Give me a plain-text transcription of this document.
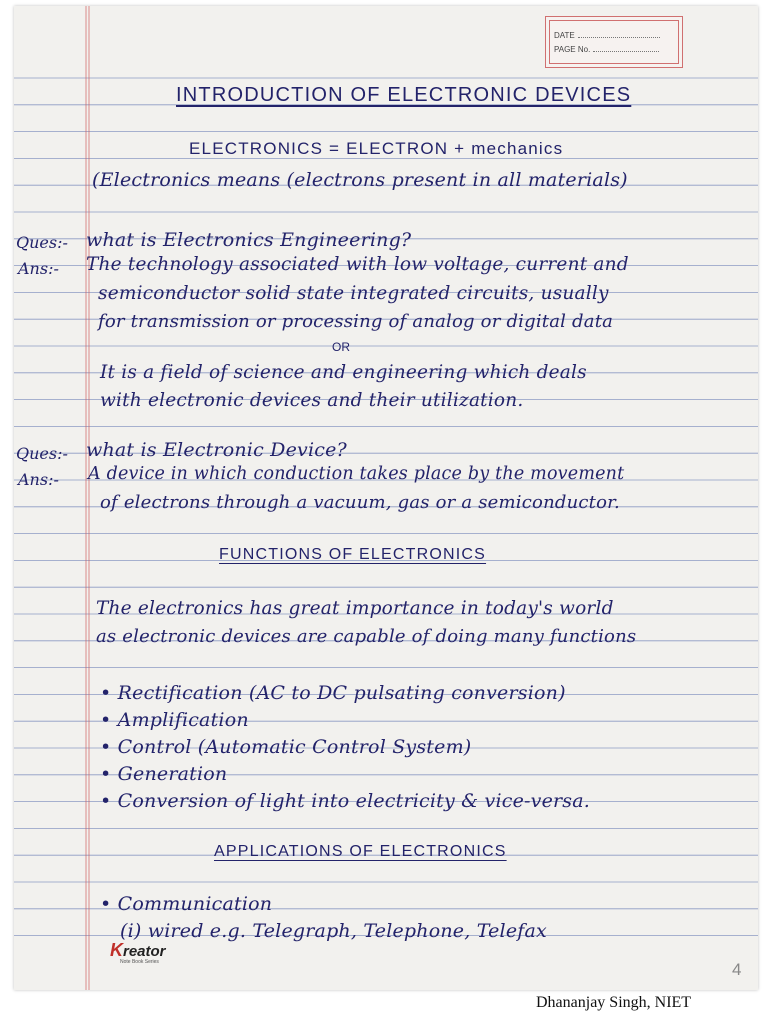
DATE
PAGE No.
INTRODUCTION OF ELECTRONIC DEVICES
ELECTRONICS = ELECTRON + mechanics
(Electronics means (electrons present in all materials)
Ques:- what is Electronics Engineering?
Ans:- The technology associated with low voltage, current and
semiconductor solid state integrated circuits, usually
for transmission or processing of analog or digital data
OR
It is a field of science and engineering which deals
with electronic devices and their utilization.
Ques:- what is Electronic Device?
Ans:- A device in which conduction takes place by the movement
of electrons through a vacuum, gas or a semiconductor.
FUNCTIONS OF ELECTRONICS
The electronics has great importance in today's world
as electronic devices are capable of doing many functions
• Rectification (AC to DC pulsating conversion)
• Amplification
• Control (Automatic Control System)
• Generation
• Conversion of light into electricity & vice-versa.
APPLICATIONS OF ELECTRONICS
• Communication
(i) wired e.g. Telegraph, Telephone, Telefax
Kreator
Note Book Series	4
Dhananjay Singh, NIET
